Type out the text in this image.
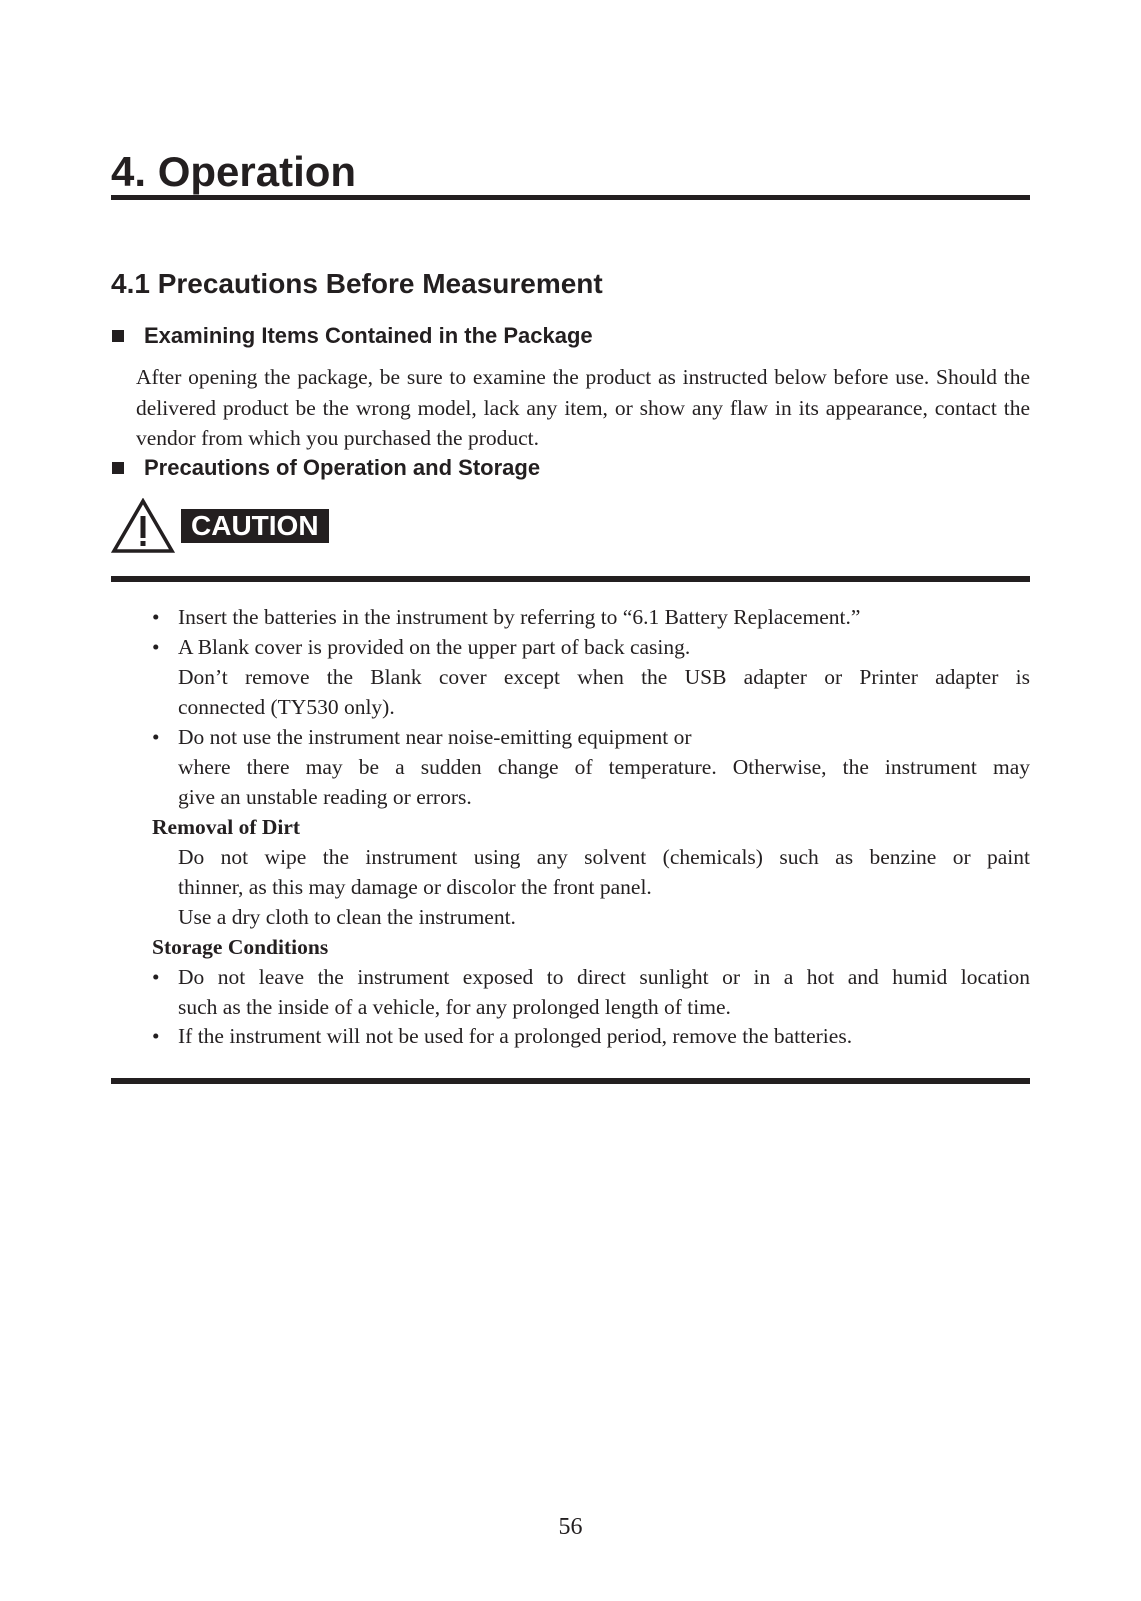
4. Operation
4.1 Precautions Before Measurement
Examining Items Contained in the Package

After opening the package, be sure to examine the product as instructed below before use. Should the delivered product be the wrong model, lack any item, or show any flaw in its appearance, contact the vendor from which you purchased the product.

Precautions of Operation and Storage
CAUTION
• Insert the batteries in the instrument by referring to “6.1 Battery Replacement.”

• A Blank cover is provided on the upper part of back casing.

Don’t remove the Blank cover except when the USB adapter or Printer adapter is

connected (TY530 only).

• Do not use the instrument near noise-emitting equipment or

where there may be a sudden change of temperature. Otherwise, the instrument may

give an unstable reading or errors.

Removal of Dirt

Do not wipe the instrument using any solvent (chemicals) such as benzine or paint

thinner, as this may damage or discolor the front panel.

Use a dry cloth to clean the instrument.

Storage Conditions

• Do not leave the instrument exposed to direct sunlight or in a hot and humid location

such as the inside of a vehicle, for any prolonged length of time.

• If the instrument will not be used for a prolonged period, remove the batteries.

56
